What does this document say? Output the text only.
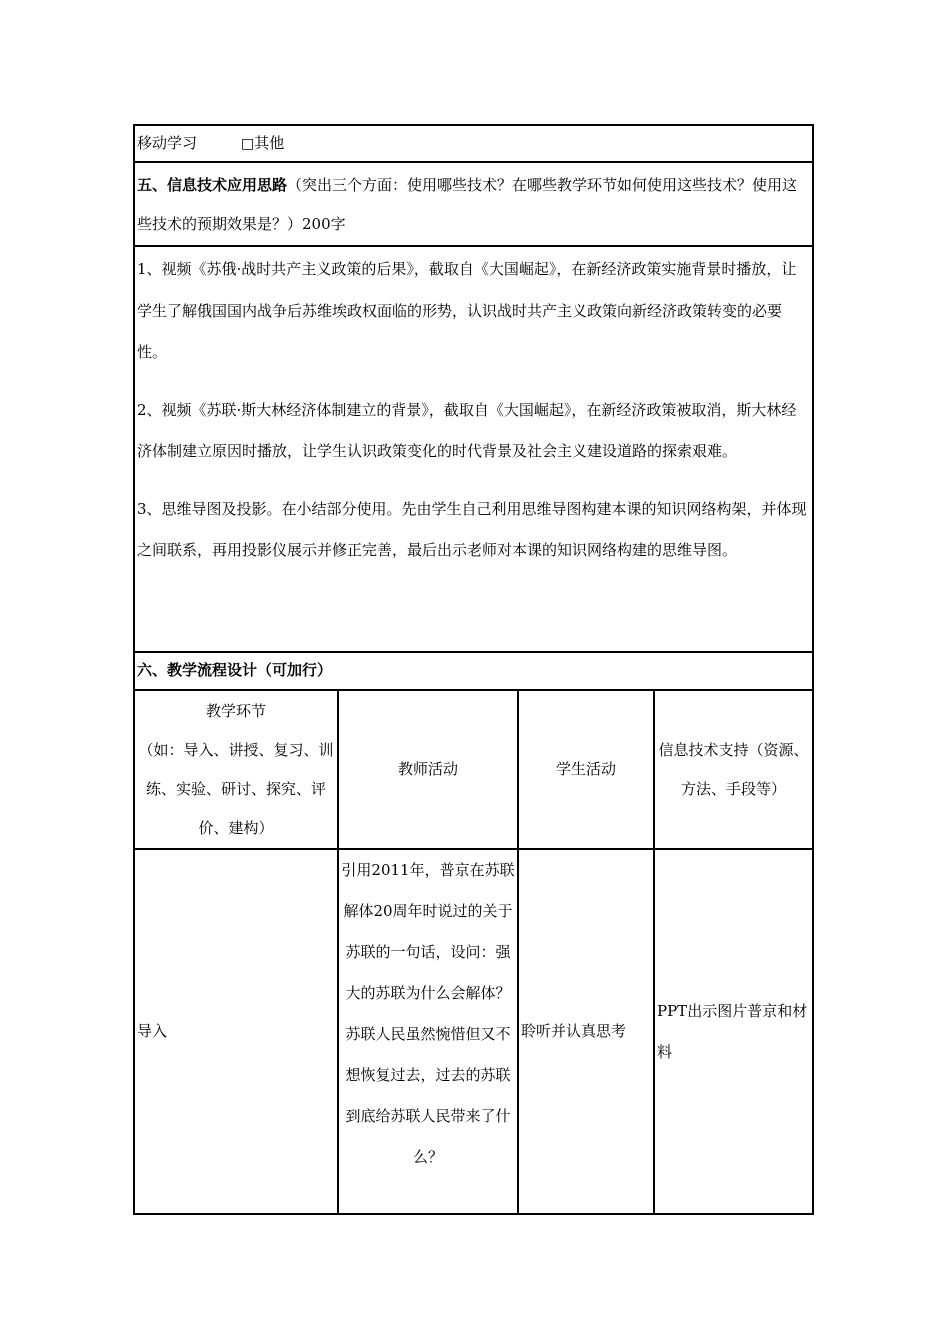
移动学习	□其他
五、信息技术应用思路（突出三个方面：使用哪些技术？在哪些教学环节如何使用这些技术？使用这些技术的预期效果是？）200字

1、视频《苏俄·战时共产主义政策的后果》，截取自《大国崛起》，在新经济政策实施背景时播放，让学生了解俄国国内战争后苏维埃政权面临的形势，认识战时共产主义政策向新经济政策转变的必要性。

2、视频《苏联·斯大林经济体制建立的背景》，截取自《大国崛起》，在新经济政策被取消，斯大林经济体制建立原因时播放，让学生认识政策变化的时代背景及社会主义建设道路的探索艰难。

3、思维导图及投影。在小结部分使用。先由学生自己利用思维导图构建本课的知识网络构架，并体现之间联系，再用投影仪展示并修正完善，最后出示老师对本课的知识网络构建的思维导图。

六、教学流程设计（可加行）
教学环节
（如：导入、讲授、复习、训练、实验、研讨、探究、评价、建构）	教师活动	学生活动	信息技术支持（资源、方法、手段等）
导入	引用2011年，普京在苏联解体20周年时说过的关于苏联的一句话，设问：强大的苏联为什么会解体？苏联人民虽然惋惜但又不想恢复过去，过去的苏联到底给苏联人民带来了什么？	聆听并认真思考	PPT出示图片普京和材料
